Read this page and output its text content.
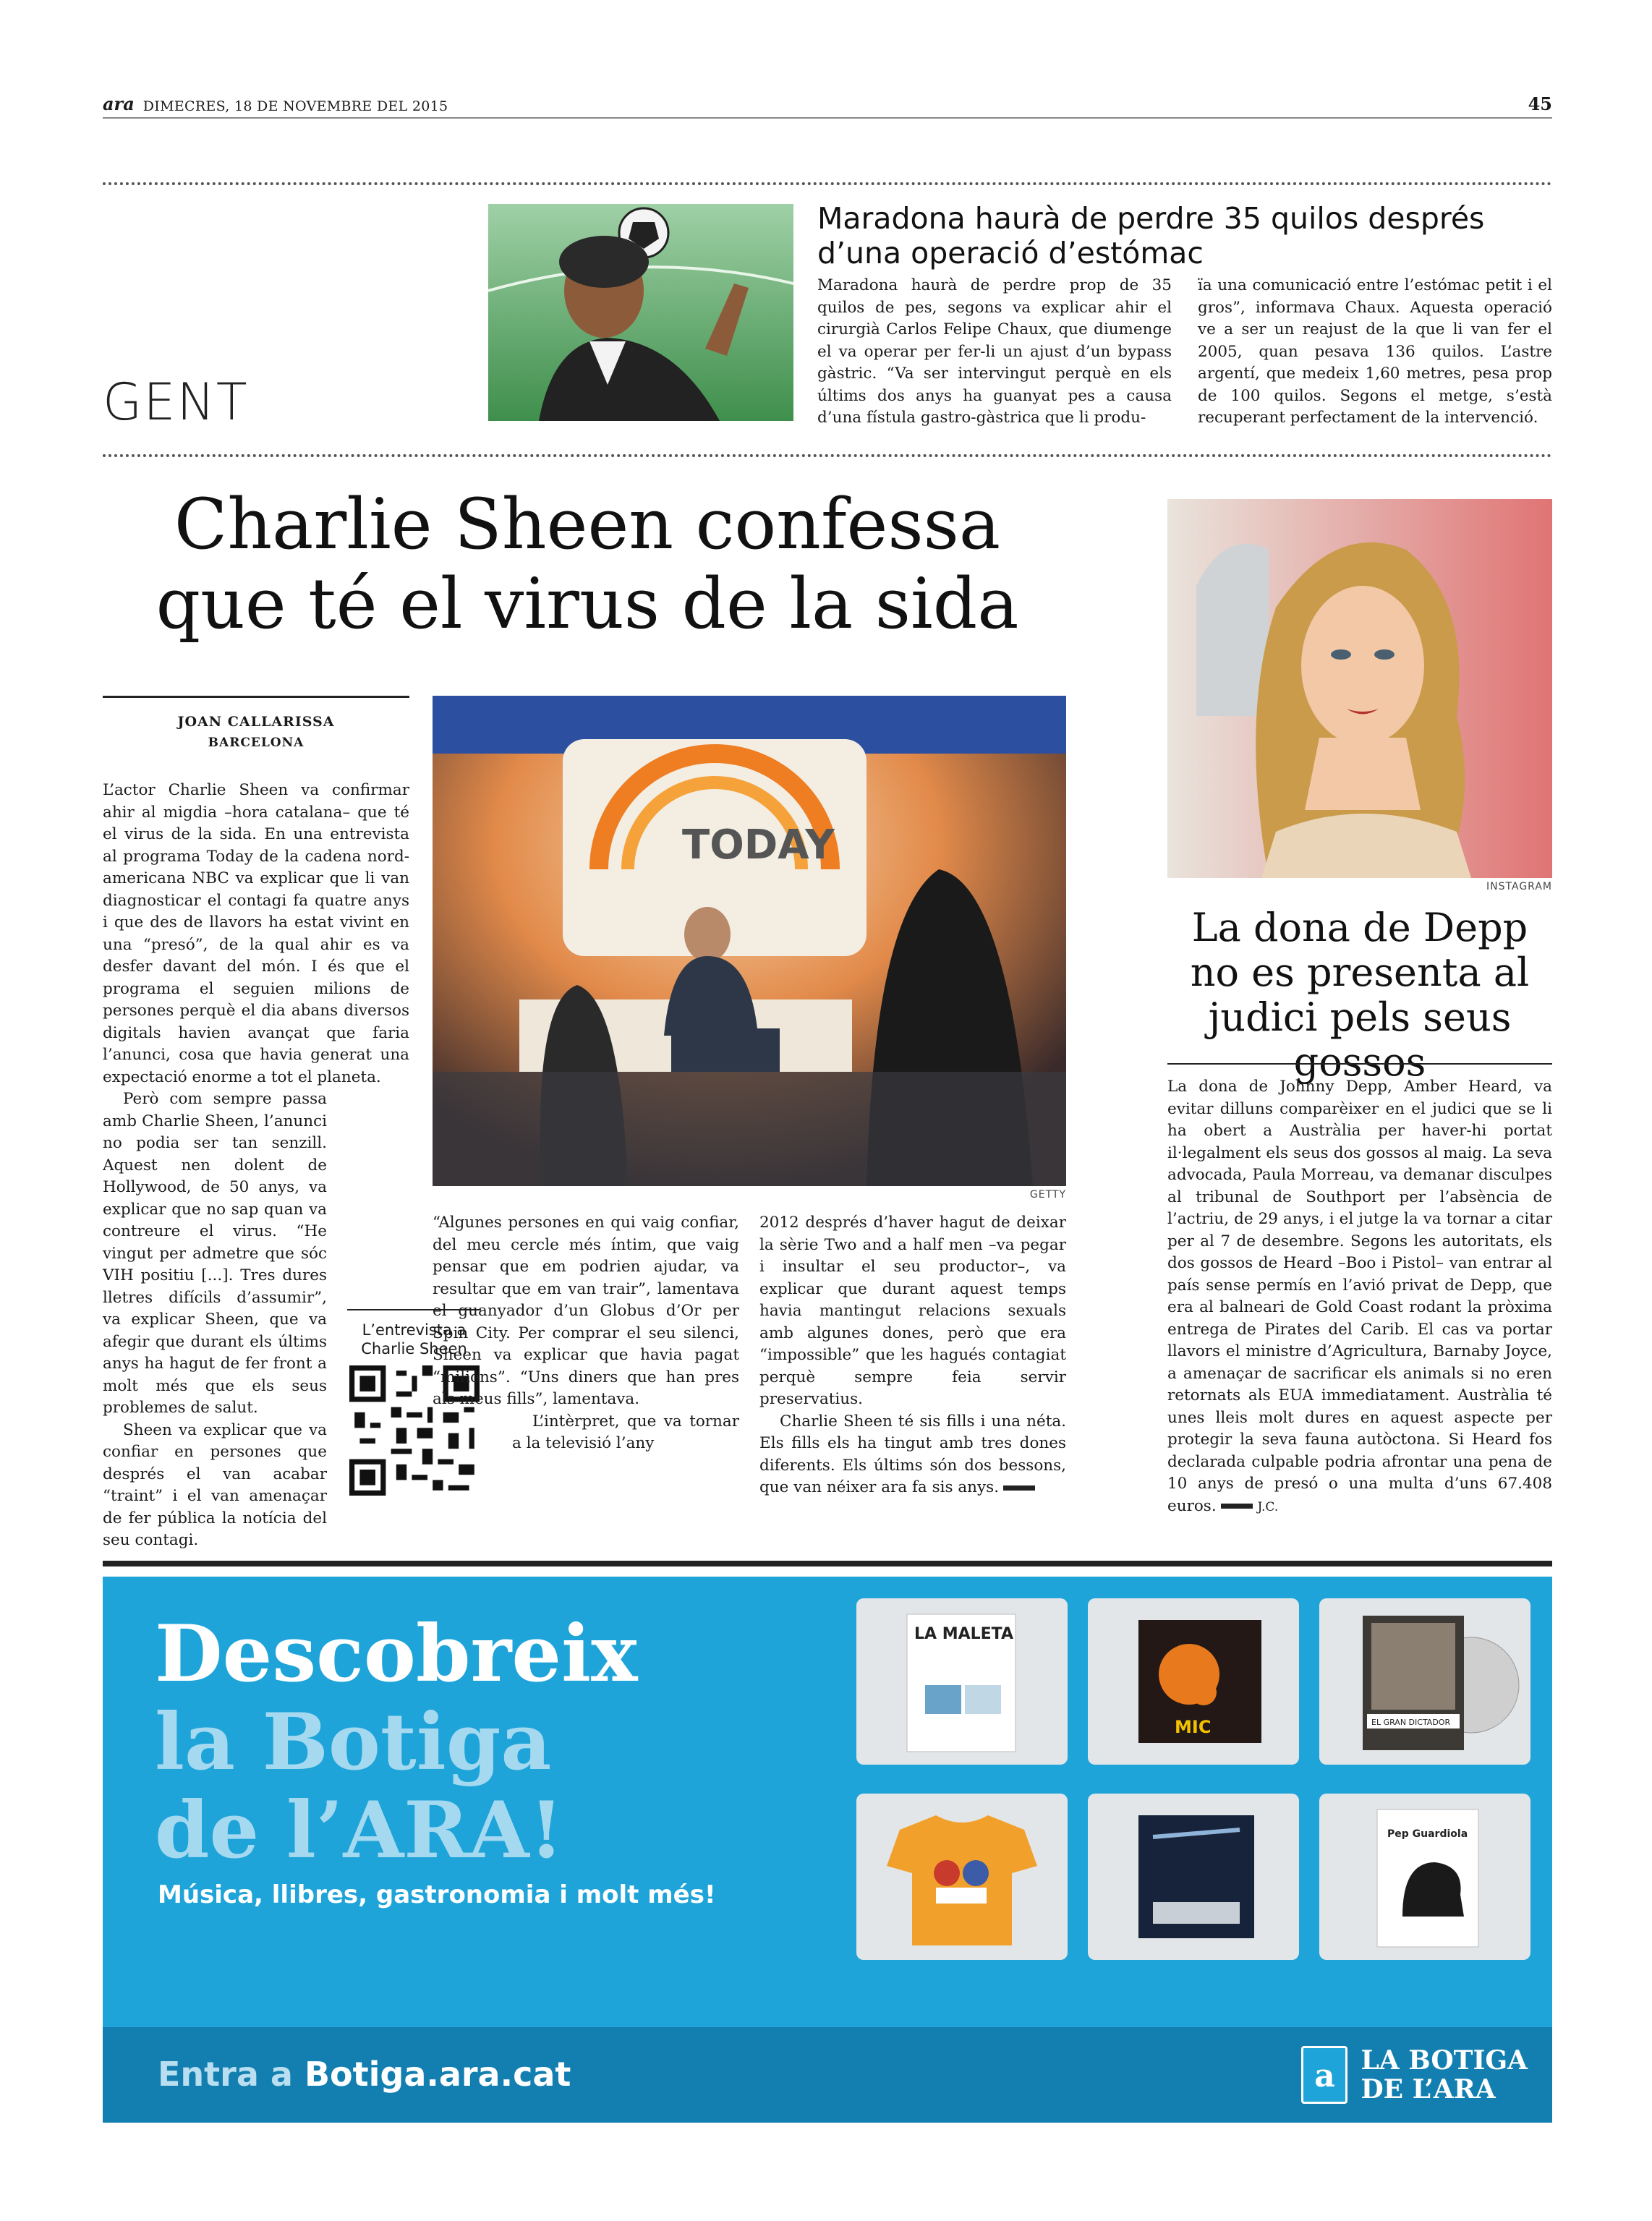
ara DIMECRES, 18 DE NOVEMBRE DEL 2015	45
GENT
Maradona haurà de perdre 35 quilos després d’una operació d’estómac
Maradona haurà de perdre prop de 35 quilos de pes, segons va explicar ahir el cirurgià Carlos Felipe Chaux, que diumenge el va operar per fer-li un ajust d’un bypass gàstric. “Va ser intervingut perquè en els últims dos anys ha guanyat pes a causa d’una fístula gastro-gàstrica que li produ-
ïa una comunicació entre l’estómac petit i el gros”, informava Chaux. Aquesta operació ve a ser un reajust de la que li van fer el 2005, quan pesava 136 quilos. L’astre argentí, que medeix 1,60 metres, pesa prop de 100 quilos. Segons el metge, s’està recuperant perfectament de la intervenció.
Charlie Sheen confessa
que té el virus de la sida
JOAN CALLARISSA
BARCELONA
TODAY
GETTY

L’actor Charlie Sheen va confirmar ahir al migdia –hora catalana– que té el virus de la sida. En una entrevista al programa Today de la cadena nord-americana NBC va explicar que li van diagnosticar el contagi fa quatre anys i que des de llavors ha estat vivint en una “presó”, de la qual ahir es va desfer davant del món. I és que el programa el seguien milions de persones perquè el dia abans diversos digitals havien avançat que faria l’anunci, cosa que havia generat una expectació enorme a tot el planeta.

Però com sempre passa amb Charlie Sheen, l’anunci no podia ser tan senzill. Aquest nen dolent de Hollywood, de 50 anys, va explicar que no sap quan va contreure el virus. “He vingut per admetre que sóc VIH positiu [...]. Tres dures lletres difícils d’assumir”, va explicar Sheen, que va afegir que durant els últims anys ha hagut de fer front a molt més que els seus problemes de salut.

Sheen va explicar que va confiar en persones que després el van acabar “traint” i el van amenaçar de fer pública la notícia del seu contagi.

L’entrevista a Charlie Sheen

“Algunes persones en qui vaig confiar, del meu cercle més íntim, que vaig pensar que em podrien ajudar, va resultar que em van trair”, lamentava el guanyador d’un Globus d’Or per Spin City. Per comprar el seu silenci, Sheen va explicar que havia pagat “milions”. “Uns diners que han pres als meus fills”, lamentava.

L’intèrpret, que va tornar a la televisió l’any

2012 després d’haver hagut de deixar la sèrie Two and a half men –va pegar i insultar el seu productor–, va explicar que durant aquest temps havia mantingut relacions sexuals amb algunes dones, però que era “impossible” que les hagués contagiat perquè sempre feia servir preservatius.

Charlie Sheen té sis fills i una néta. Els fills els ha tingut amb tres dones diferents. Els últims són dos bessons, que van néixer ara fa sis anys.

INSTAGRAM
La dona de Depp no es presenta al judici pels seus gossos

La dona de Johnny Depp, Amber Heard, va evitar dilluns comparèixer en el judici que se li ha obert a Austràlia per haver-hi portat il·legalment els seus dos gossos al maig. La seva advocada, Paula Morreau, va demanar disculpes al tribunal de Southport per l’absència de l’actriu, de 29 anys, i el jutge la va tornar a citar per al 7 de desembre. Segons les autoritats, els dos gossos de Heard –Boo i Pistol– van entrar al país sense permís en l’avió privat de Depp, que era al balneari de Gold Coast rodant la pròxima entrega de Pirates del Carib. El cas va portar llavors el ministre d’Agricultura, Barnaby Joyce, a amenaçar de sacrificar els animals si no eren retornats als EUA immediatament. Austràlia té unes lleis molt dures en aquest aspecte per protegir la seva fauna autòctona. Si Heard fos declarada culpable podria afrontar una pena de 10 anys de presó o una multa d’uns 67.408 euros.	J.C.

Descobreix
la Botiga
de l’ARA!
Música, llibres, gastronomia i molt més!
LA MALETA
MIC	EL GRAN DICTADOR
Pep Guardiola
Entra a Botiga.ara.cat	a LA BOTIGA
DE L’ARA
